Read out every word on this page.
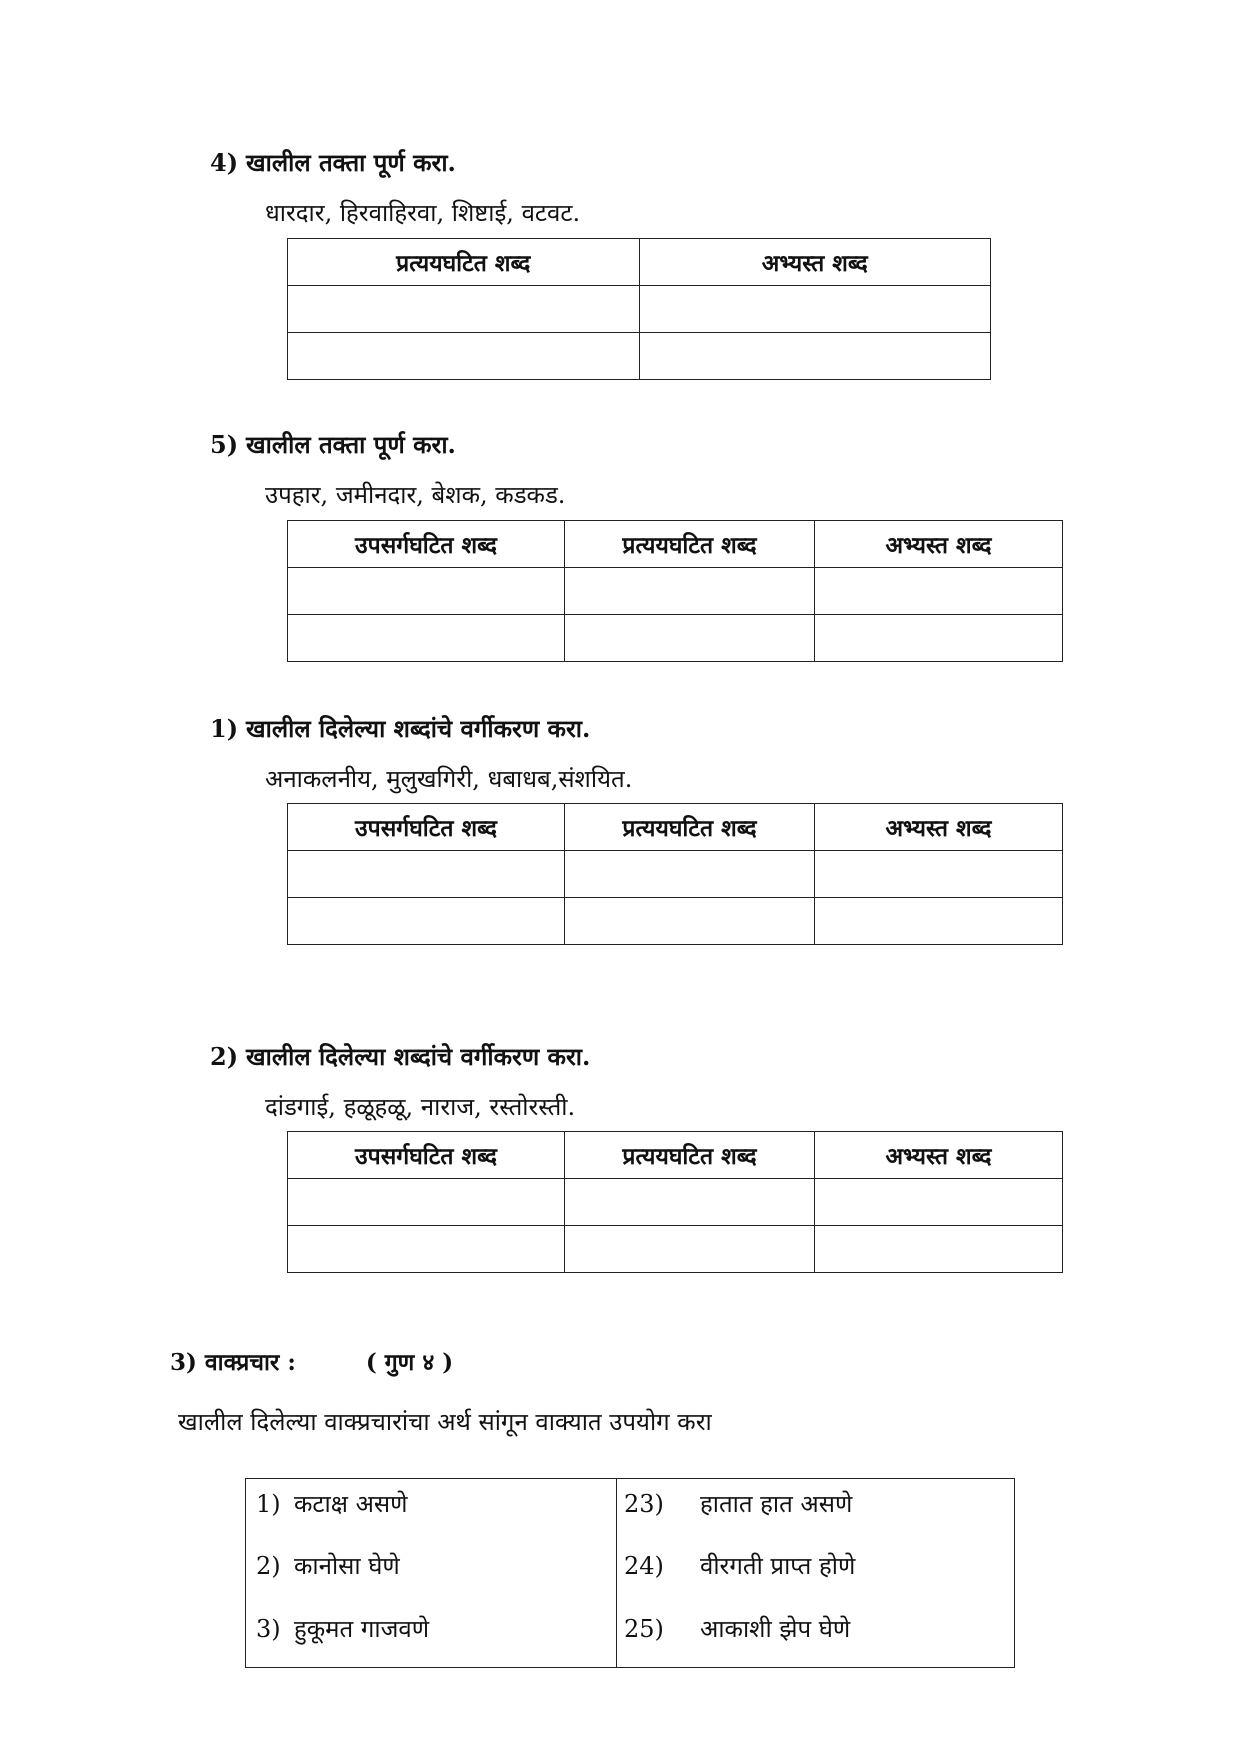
4) खालील तक्ता पूर्ण करा.
धारदार, हिरवाहिरवा, शिष्टाई, वटवट.
प्रत्ययघटित शब्द	अभ्यस्त शब्द

5) खालील तक्ता पूर्ण करा.
उपहार, जमीनदार, बेशक, कडकड.
उपसर्गघटित शब्द	प्रत्ययघटित शब्द	अभ्यस्त शब्द

1) खालील दिलेल्या शब्दांचे वर्गीकरण करा.
अनाकलनीय, मुलुखगिरी, धबाधब,संशयित.
उपसर्गघटित शब्द	प्रत्ययघटित शब्द	अभ्यस्त शब्द

2) खालील दिलेल्या शब्दांचे वर्गीकरण करा.
दांडगाई, हळूहळू, नाराज, रस्तोरस्ती.
उपसर्गघटित शब्द	प्रत्ययघटित शब्द	अभ्यस्त शब्द

3) वाक्प्रचार :	( गुण ४ )
खालील दिलेल्या वाक्प्रचारांचा अर्थ सांगून वाक्यात उपयोग करा
1) कटाक्ष असणे
2) कानोसा घेणे
3) हुकूमत गाजवणे
23) हातात हात असणे
24) वीरगती प्राप्त होणे
25) आकाशी झेप घेणे
